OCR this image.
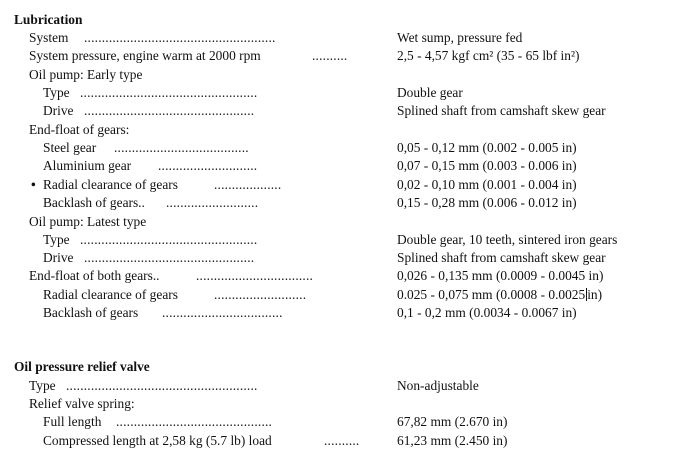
Lubrication
System ......................................................	Wet sump, pressure fed
System pressure, engine warm at 2000 rpm	..........	2,5 - 4,57 kgf cm² (35 - 65 lbf in²)
Oil pump: Early type
Type ..................................................	Double gear
Drive ................................................	Splined shaft from camshaft skew gear
End-float of gears:
Steel gear ......................................	0,05 - 0,12 mm (0.002 - 0.005 in)
Aluminium gear ............................	0,07 - 0,15 mm (0.003 - 0.006 in)
• Radial clearance of gears	...................	0,02 - 0,10 mm (0.001 - 0.004 in)
Backlash of gears.. ..........................	0,15 - 0,28 mm (0.006 - 0.012 in)
Oil pump: Latest type
Type ..................................................	Double gear, 10 teeth, sintered iron gears
Drive ................................................	Splined shaft from camshaft skew gear
End-float of both gears..	.................................	0,026 - 0,135 mm (0.0009 - 0.0045 in)
Radial clearance of gears	..........................	0.025 - 0,075 mm (0.0008 - 0.0025 in)
Backlash of gears ..................................	0,1 - 0,2 mm (0.0034 - 0.0067 in)
Oil pressure relief valve
Type ......................................................	Non-adjustable
Relief valve spring:
Full length ............................................	67,82 mm (2.670 in)
Compressed length at 2,58 kg (5.7 lb) load	..........	61,23 mm (2.450 in)
